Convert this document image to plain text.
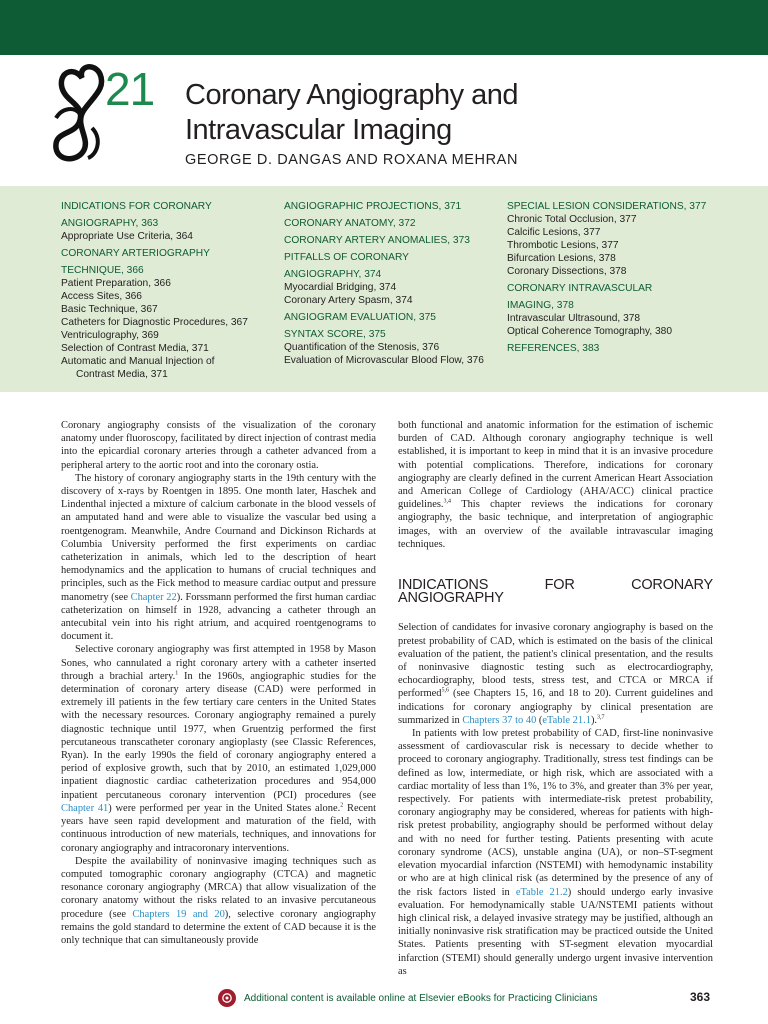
21 Coronary Angiography and
Intravascular Imaging
GEORGE D. DANGAS AND ROXANA MEHRAN
INDICATIONS FOR CORONARY
ANGIOGRAPHY, 363
Appropriate Use Criteria, 364
CORONARY ARTERIOGRAPHY
TECHNIQUE, 366
Patient Preparation, 366
Access Sites, 366
Basic Technique, 367
Catheters for Diagnostic Procedures, 367
Ventriculography, 369
Selection of Contrast Media, 371
Automatic and Manual Injection of
Contrast Media, 371
ANGIOGRAPHIC PROJECTIONS, 371
CORONARY ANATOMY, 372
CORONARY ARTERY ANOMALIES, 373
PITFALLS OF CORONARY
ANGIOGRAPHY, 374
Myocardial Bridging, 374
Coronary Artery Spasm, 374
ANGIOGRAM EVALUATION, 375
SYNTAX SCORE, 375
Quantification of the Stenosis, 376
Evaluation of Microvascular Blood Flow, 376
SPECIAL LESION CONSIDERATIONS, 377
Chronic Total Occlusion, 377
Calcific Lesions, 377
Thrombotic Lesions, 377
Bifurcation Lesions, 378
Coronary Dissections, 378
CORONARY INTRAVASCULAR
IMAGING, 378
Intravascular Ultrasound, 378
Optical Coherence Tomography, 380
REFERENCES, 383

Coronary angiography consists of the visualization of the coronary anatomy under fluoroscopy, facilitated by direct injection of contrast media into the epicardial coronary arteries through a catheter advanced from a peripheral artery to the aortic root and into the coronary ostia.

The history of coronary angiography starts in the 19th century with the discovery of x-rays by Roentgen in 1895. One month later, Haschek and Lindenthal injected a mixture of calcium carbonate in the blood vessels of an amputated hand and were able to visualize the vascular bed using a roentgenogram. Meanwhile, Andre Cournand and Dickinson Richards at Columbia University performed the first experiments on cardiac catheterization in animals, which led to the description of heart hemodynamics and the application to humans of crucial techniques and principles, such as the Fick method to measure cardiac output and pressure manometry (see Chapter 22). Forssmann performed the first human cardiac catheterization on himself in 1928, advancing a catheter through an antecubital vein into his right atrium, and acquired roentgenograms to document it.

Selective coronary angiography was first attempted in 1958 by Mason Sones, who cannulated a right coronary artery with a catheter inserted through a brachial artery.$^1$ In the 1960s, angiographic studies for the determination of coronary artery disease (CAD) were performed in extremely ill patients in the few tertiary care centers in the United States with the necessary resources. Coronary angiography remained a purely diagnostic technique until 1977, when Gruentzig performed the first percutaneous transcatheter coronary angioplasty (see Classic References, Ryan). In the early 1990s the field of coronary angiography entered a period of explosive growth, such that by 2010, an estimated 1,029,000 inpatient diagnostic cardiac catheterization procedures and 954,000 inpatient percutaneous coronary intervention (PCI) procedures (see Chapter 41) were performed per year in the United States alone.$^2$ Recent years have seen rapid development and maturation of the field, with continuous introduction of new materials, techniques, and innovations for coronary angiography and intracoronary interventions.

Despite the availability of noninvasive imaging techniques such as computed tomographic coronary angiography (CTCA) and magnetic resonance coronary angiography (MRCA) that allow visualization of the coronary anatomy without the risks related to an invasive percutaneous procedure (see Chapters 19 and 20), selective coronary angiography remains the gold standard to determine the extent of CAD because it is the only technique that can simultaneously provide

both functional and anatomic information for the estimation of ischemic burden of CAD. Although coronary angiography technique is well established, it is important to keep in mind that it is an invasive procedure with potential complications. Therefore, indications for coronary angiography are clearly defined in the current American Heart Association and American College of Cardiology (AHA/ACC) clinical practice guidelines.$^{3,4}$ This chapter reviews the indications for coronary angiography, the basic technique, and interpretation of angiographic images, with an overview of the available intravascular imaging techniques.

INDICATIONS FOR CORONARY ANGIOGRAPHY

Selection of candidates for invasive coronary angiography is based on the pretest probability of CAD, which is estimated on the basis of the clinical evaluation of the patient, the patient's clinical presentation, and the results of noninvasive diagnostic testing such as electrocardiography, echocardiography, blood tests, stress test, and CTCA or MRCA if performed$^{5,6}$ (see Chapters 15, 16, and 18 to 20). Current guidelines and indications for coronary angiography by clinical presentation are summarized in Chapters 37 to 40 (eTable 21.1).$^{3,7}$

In patients with low pretest probability of CAD, first-line noninvasive assessment of cardiovascular risk is necessary to decide whether to proceed to coronary angiography. Traditionally, stress test findings can be defined as low, intermediate, or high risk, which are associated with a cardiac mortality of less than 1%, 1% to 3%, and greater than 3% per year, respectively. For patients with intermediate-risk pretest probability, coronary angiography may be considered, whereas for patients with high-risk pretest probability, angiography should be performed without delay and with no need for further testing. Patients presenting with acute coronary syndrome (ACS), unstable angina (UA), or non–ST-segment elevation myocardial infarction (NSTEMI) with hemodynamic instability or who are at high clinical risk (as determined by the presence of any of the risk factors listed in eTable 21.2) should undergo early invasive evaluation. For hemodynamically stable UA/NSTEMI patients without high clinical risk, a delayed invasive strategy may be justified, although an initially noninvasive risk stratification may be practiced outside the United States. Patients presenting with ST-segment elevation myocardial infarction (STEMI) should generally undergo urgent invasive intervention as

Additional content is available online at Elsevier eBooks for Practicing Clinicians	363
